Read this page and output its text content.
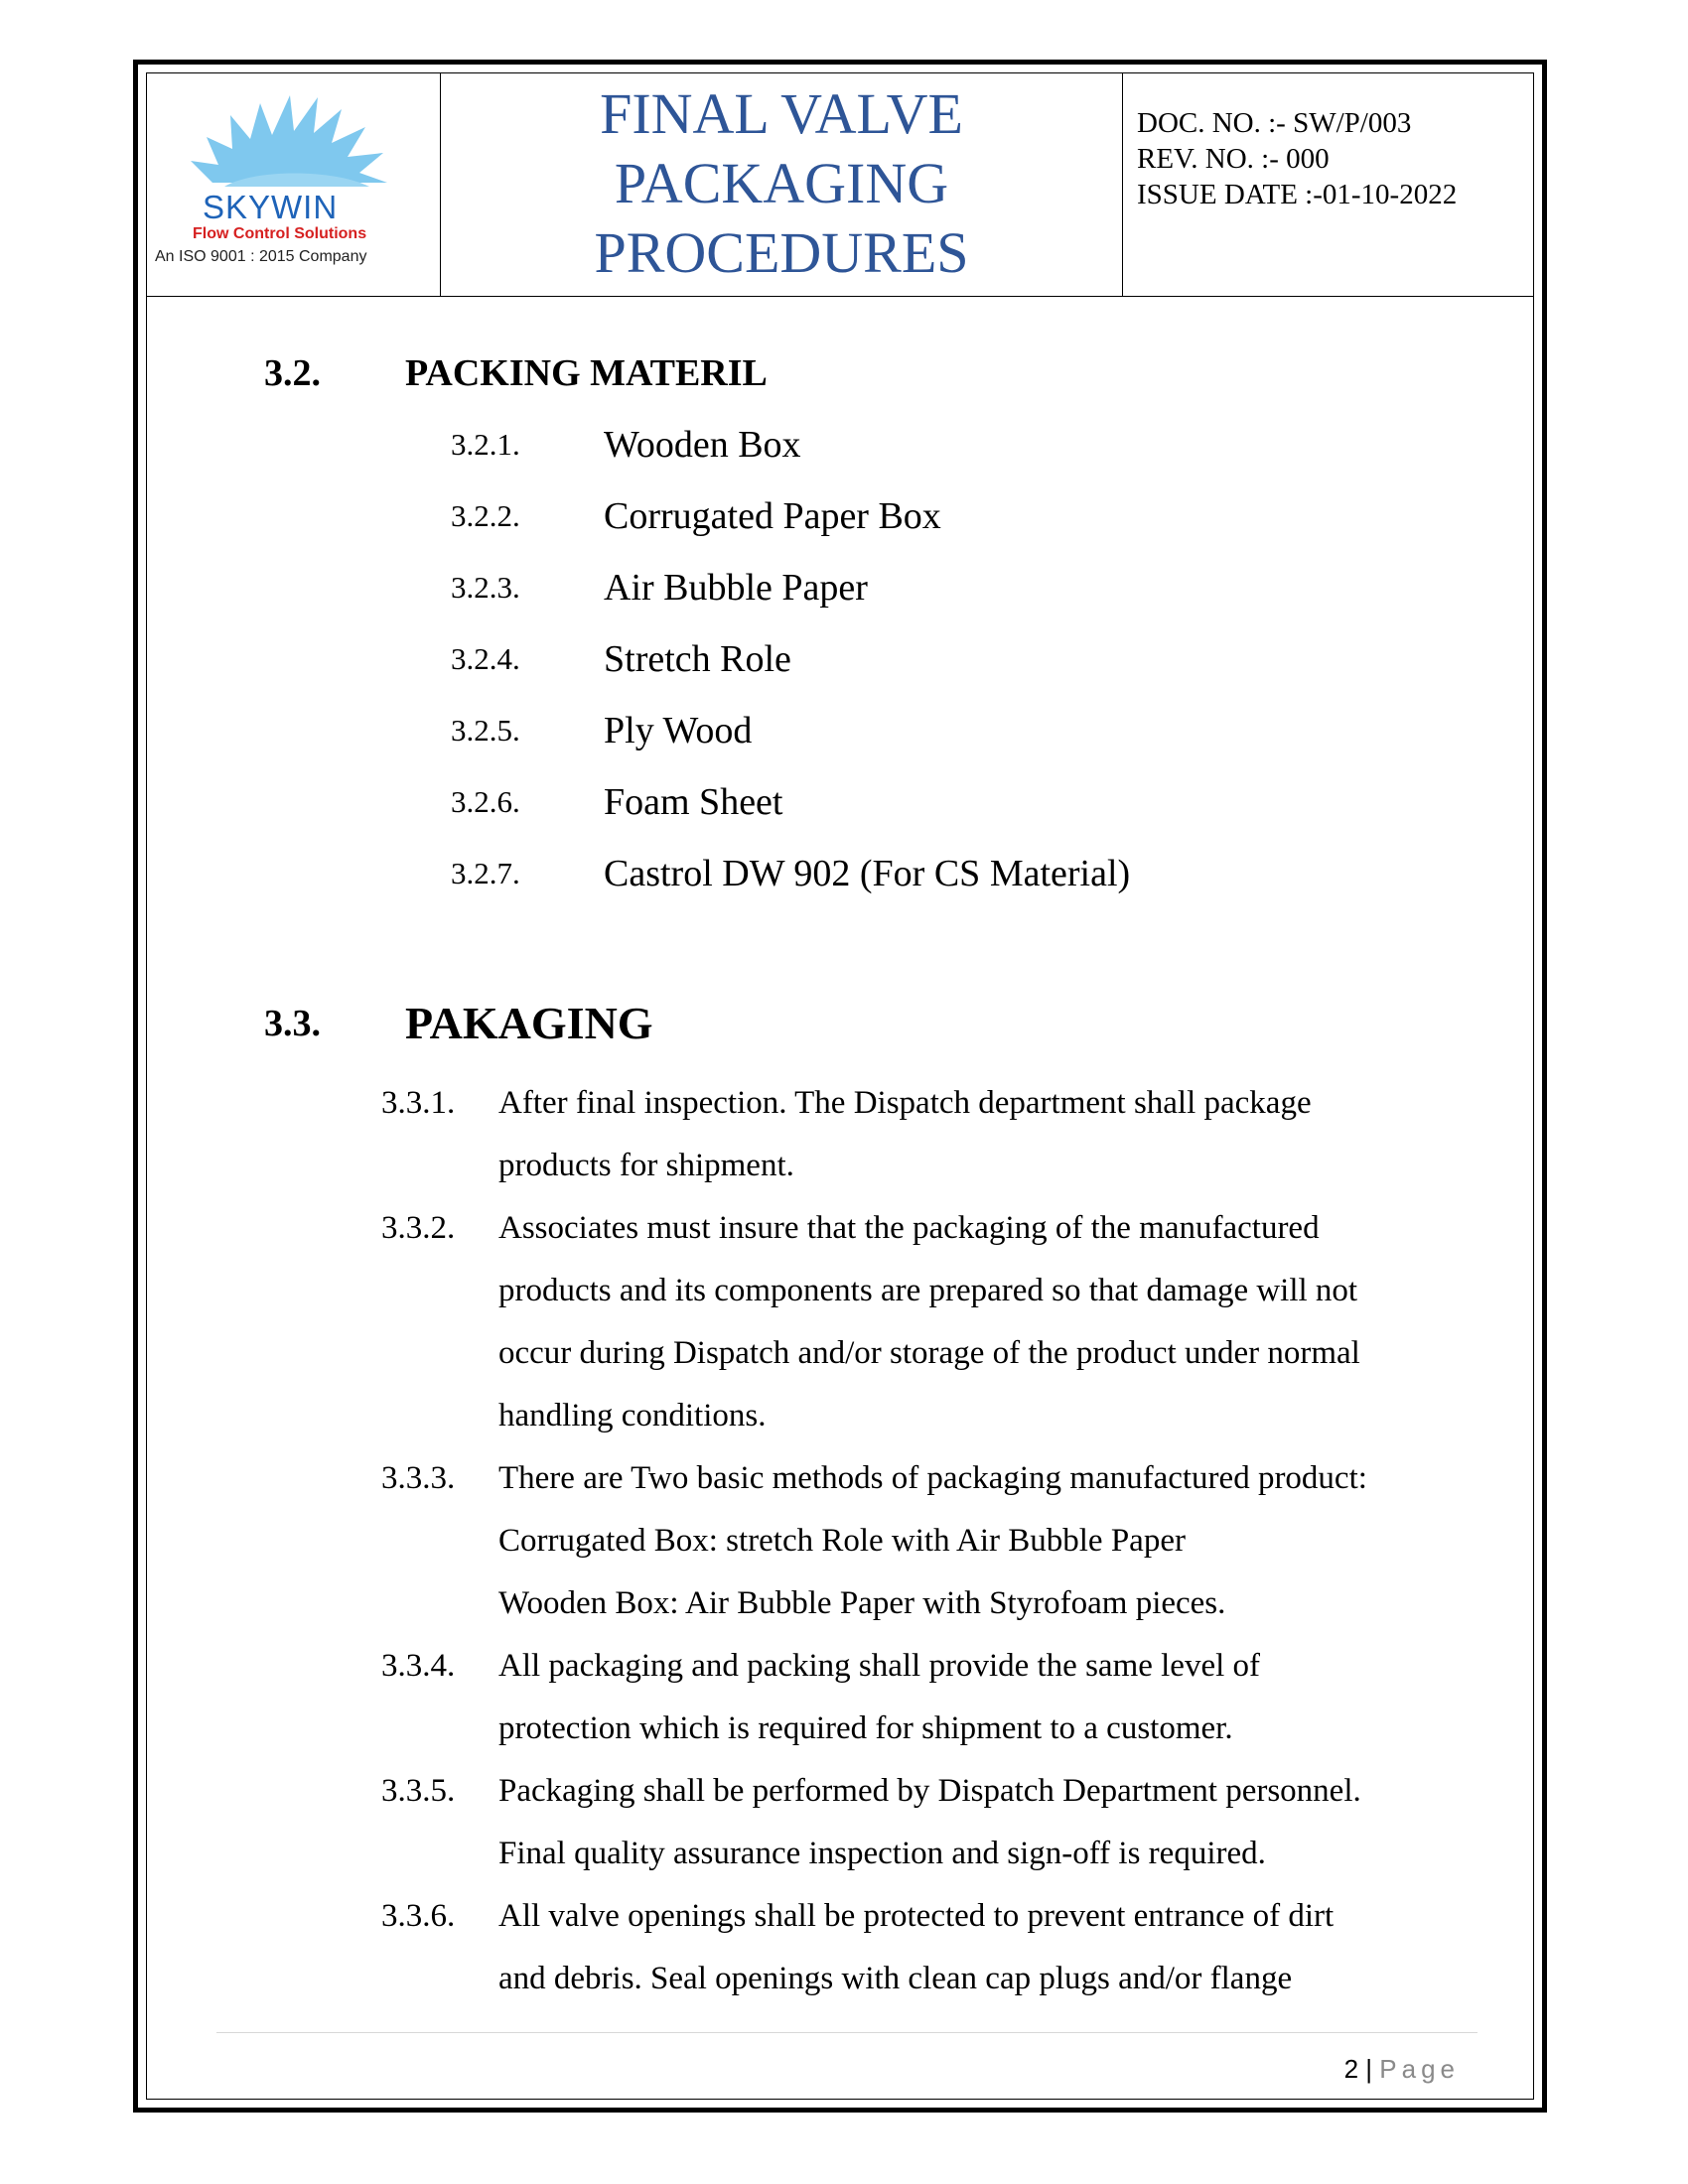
SKYWIN
Flow Control Solutions
An ISO 9001 : 2015 Company
FINAL VALVE
PACKAGING
PROCEDURES
DOC. NO. :- SW/P/003
REV. NO. :- 000
ISSUE DATE :-01-10-2022
3.2. PACKING MATERIL
3.2.1. Wooden Box
3.2.2. Corrugated Paper Box
3.2.3. Air Bubble Paper
3.2.4. Stretch Role
3.2.5. Ply Wood
3.2.6. Foam Sheet
3.2.7. Castrol DW 902 (For CS Material)
3.3. PAKAGING
3.3.1. After final inspection. The Dispatch department shall package
products for shipment.
3.3.2. Associates must insure that the packaging of the manufactured
products and its components are prepared so that damage will not
occur during Dispatch and/or storage of the product under normal
handling conditions.
3.3.3. There are Two basic methods of packaging manufactured product:
Corrugated Box: stretch Role with Air Bubble Paper
Wooden Box: Air Bubble Paper with Styrofoam pieces.
3.3.4. All packaging and packing shall provide the same level of
protection which is required for shipment to a customer.
3.3.5. Packaging shall be performed by Dispatch Department personnel.
Final quality assurance inspection and sign-off is required.
3.3.6. All valve openings shall be protected to prevent entrance of dirt
and debris. Seal openings with clean cap plugs and/or flange
2 | Page
